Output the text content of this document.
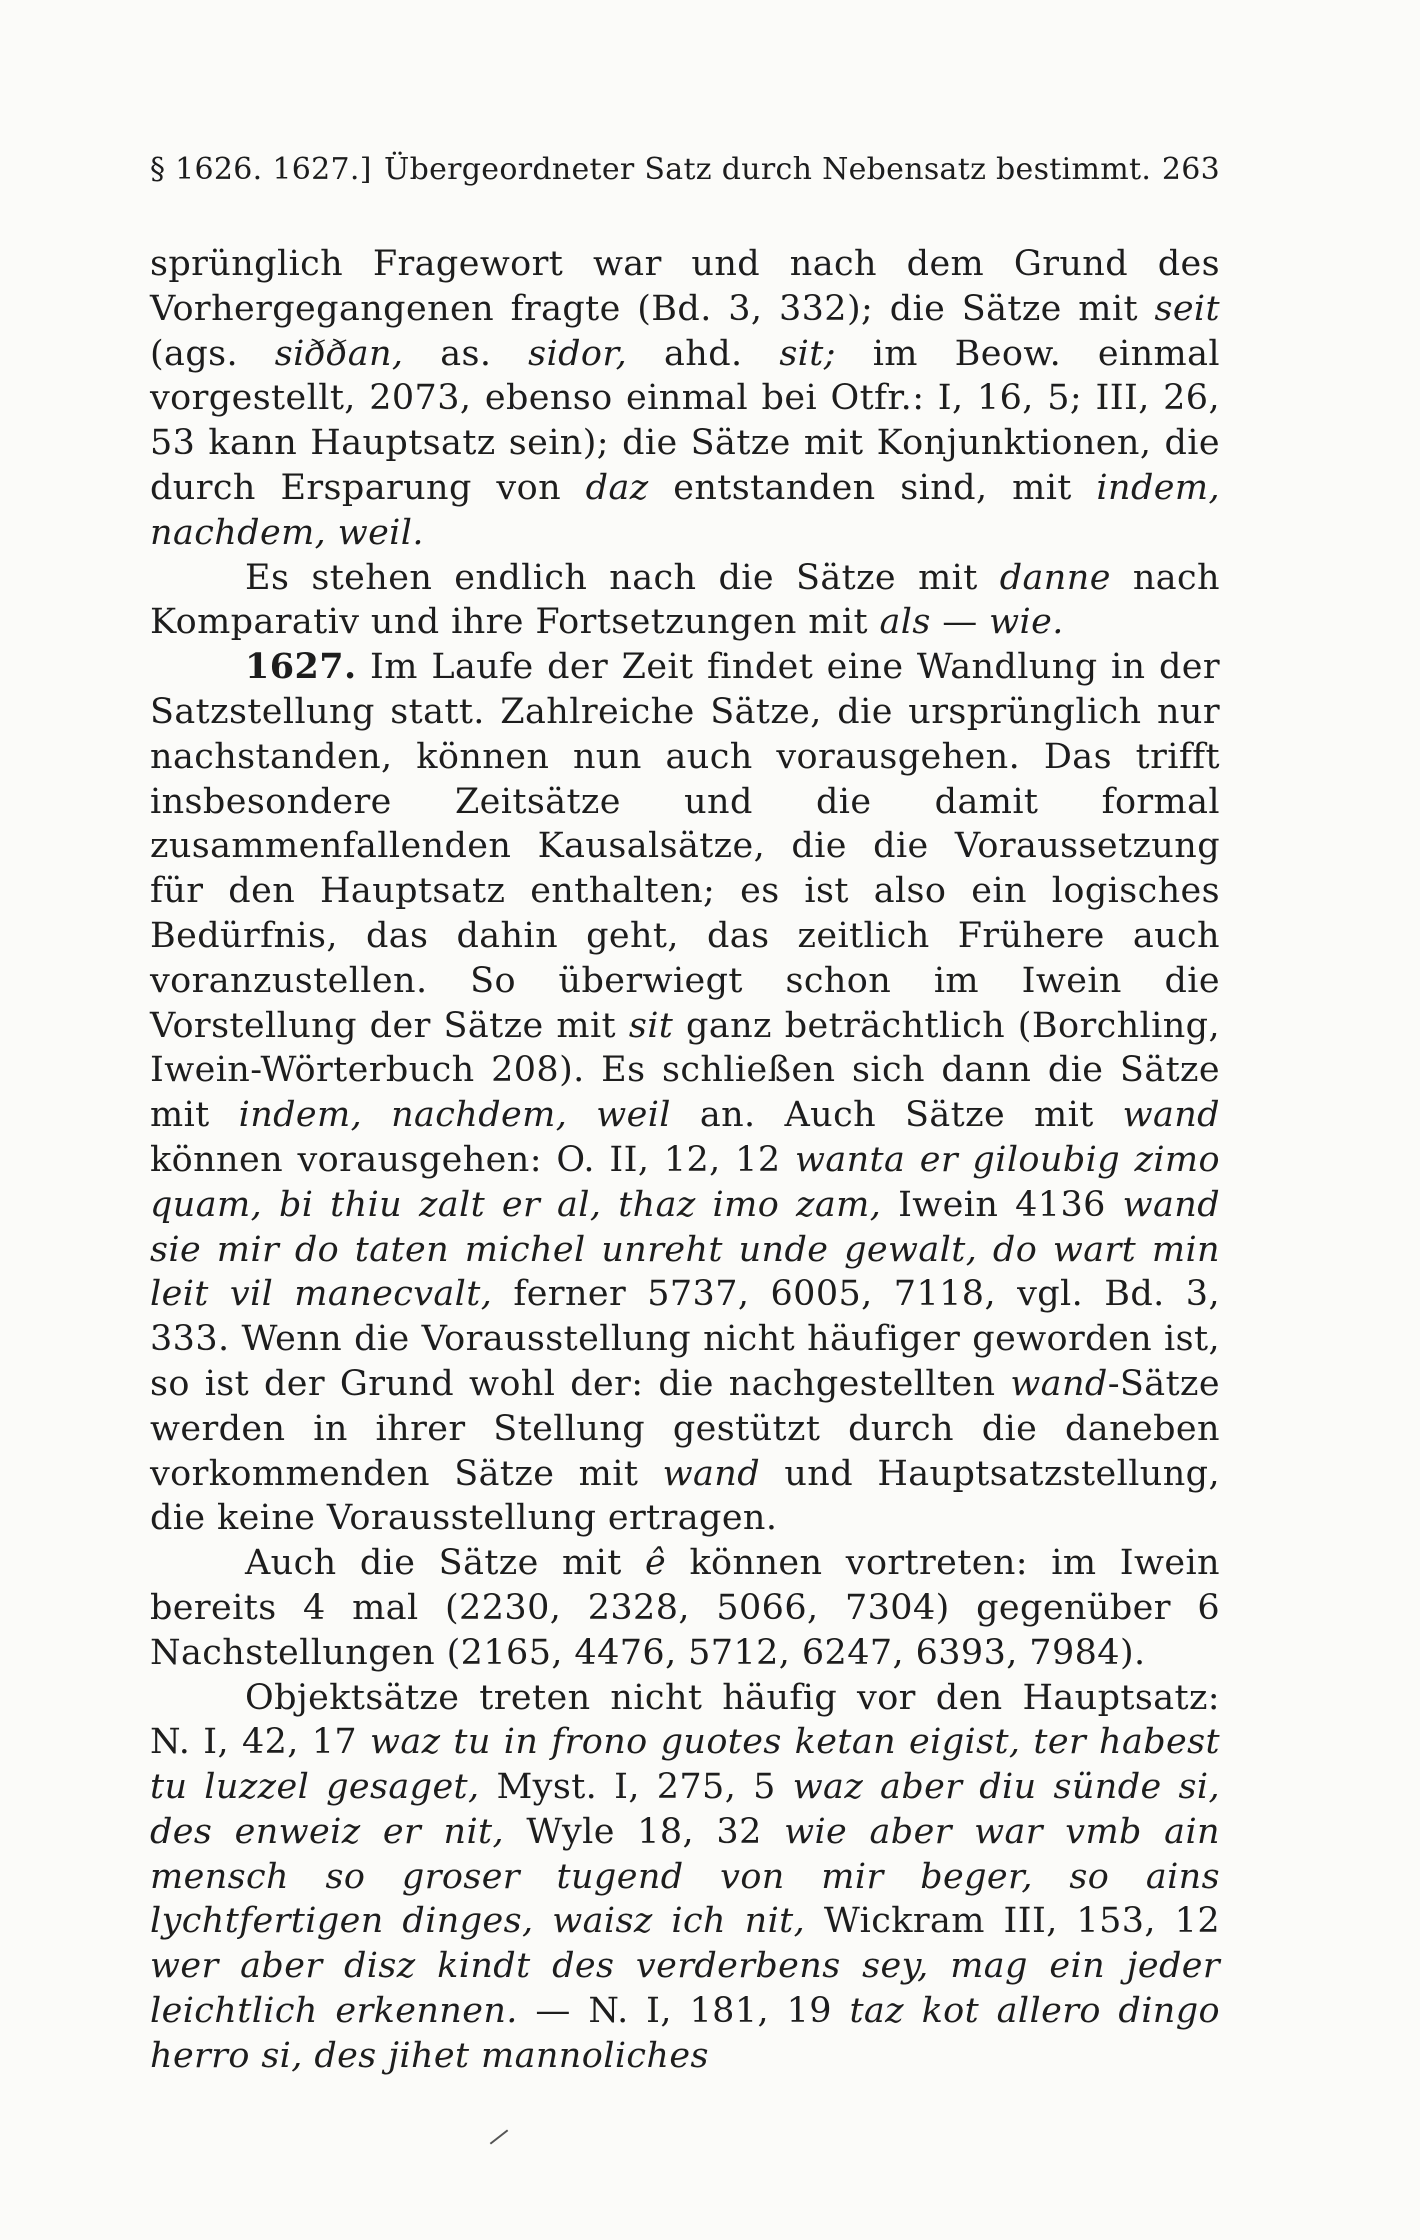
§ 1626. 1627.] Übergeordneter Satz durch Nebensatz bestimmt. 263

sprünglich Fragewort war und nach dem Grund des Vorhergegangenen fragte (Bd. 3, 332); die Sätze mit seit (ags. siððan, as. sidor, ahd. sit; im Beow. einmal vorgestellt, 2073, ebenso einmal bei Otfr.: I, 16, 5; III, 26, 53 kann Hauptsatz sein); die Sätze mit Konjunktionen, die durch Ersparung von daz entstanden sind, mit indem, nachdem, weil.

Es stehen endlich nach die Sätze mit danne nach Komparativ und ihre Fortsetzungen mit als — wie.

1627. Im Laufe der Zeit findet eine Wandlung in der Satzstellung statt. Zahlreiche Sätze, die ursprünglich nur nachstanden, können nun auch vorausgehen. Das trifft insbesondere Zeitsätze und die damit formal zusammenfallenden Kausalsätze, die die Voraussetzung für den Hauptsatz enthalten; es ist also ein logisches Bedürfnis, das dahin geht, das zeitlich Frühere auch voranzustellen. So überwiegt schon im Iwein die Vorstellung der Sätze mit sit ganz beträchtlich (Borchling, Iwein-Wörterbuch 208). Es schließen sich dann die Sätze mit indem, nachdem, weil an. Auch Sätze mit wand können vorausgehen: O. II, 12, 12 wanta er giloubig zimo quam, bi thiu zalt er al, thaz imo zam, Iwein 4136 wand sie mir do taten michel unreht unde gewalt, do wart min leit vil manecvalt, ferner 5737, 6005, 7118, vgl. Bd. 3, 333. Wenn die Vorausstellung nicht häufiger geworden ist, so ist der Grund wohl der: die nachgestellten wand-Sätze werden in ihrer Stellung gestützt durch die daneben vorkommenden Sätze mit wand und Hauptsatzstellung, die keine Vorausstellung ertragen.

Auch die Sätze mit ê können vortreten: im Iwein bereits 4 mal (2230, 2328, 5066, 7304) gegenüber 6 Nachstellungen (2165, 4476, 5712, 6247, 6393, 7984).

Objektsätze treten nicht häufig vor den Hauptsatz: N. I, 42, 17 waz tu in frono guotes ketan eigist, ter habest tu luzzel gesaget, Myst. I, 275, 5 waz aber diu sünde si, des enweiz er nit, Wyle 18, 32 wie aber war vmb ain mensch so groser tugend von mir beger, so ains lychtfertigen dinges, waisz ich nit, Wickram III, 153, 12 wer aber disz kindt des verderbens sey, mag ein jeder leichtlich erkennen. — N. I, 181, 19 taz kot allero dingo herro si, des jihet mannoliches
